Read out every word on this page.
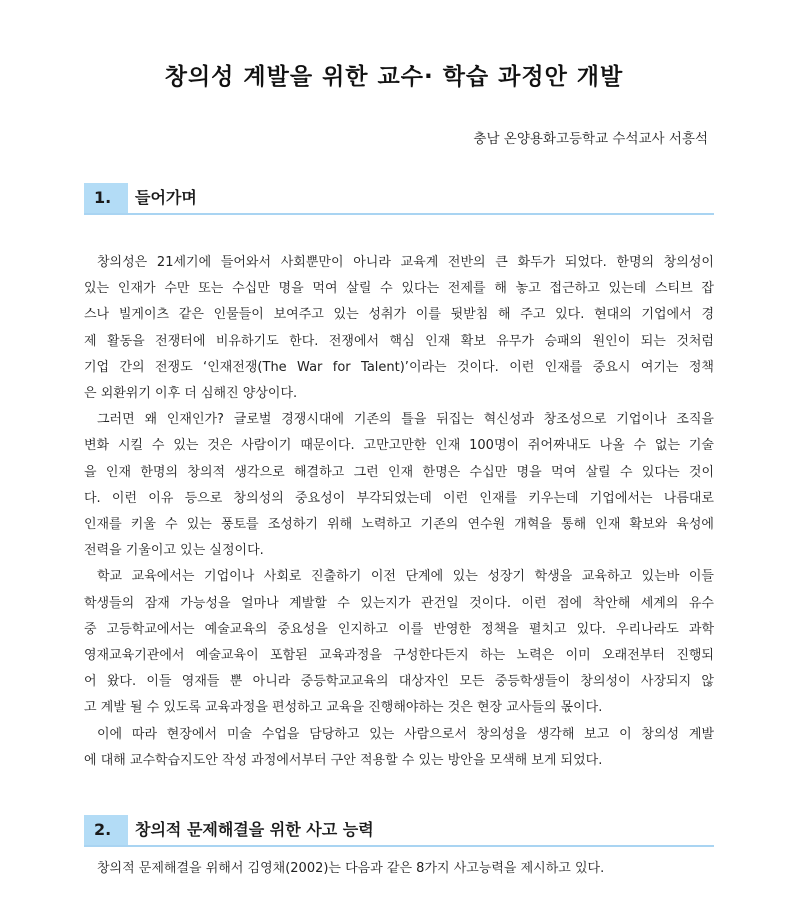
창의성 계발을 위한 교수· 학습 과정안 개발
충남 온양용화고등학교 수석교사 서흥석
1.	들어가며
창의성은 21세기에 들어와서 사회뿐만이 아니라 교육계 전반의 큰 화두가 되었다. 한명의 창의성이
있는 인재가 수만 또는 수십만 명을 먹여 살릴 수 있다는 전제를 해 놓고 접근하고 있는데 스티브 잡
스나 빌게이츠 같은 인물들이 보여주고 있는 성취가 이를 뒷받침 해 주고 있다. 현대의 기업에서 경
제 활동을 전쟁터에 비유하기도 한다. 전쟁에서 핵심 인재 확보 유무가 승패의 원인이 되는 것처럼
기업 간의 전쟁도 ‘인재전쟁(The War for Talent)’이라는 것이다. 이런 인재를 중요시 여기는 정책
은 외환위기 이후 더 심해진 양상이다.
그러면 왜 인재인가? 글로벌 경쟁시대에 기존의 틀을 뒤집는 혁신성과 창조성으로 기업이나 조직을
변화 시킬 수 있는 것은 사람이기 때문이다. 고만고만한 인재 100명이 쥐어짜내도 나올 수 없는 기술
을 인재 한명의 창의적 생각으로 해결하고 그런 인재 한명은 수십만 명을 먹여 살릴 수 있다는 것이
다. 이런 이유 등으로 창의성의 중요성이 부각되었는데 이런 인재를 키우는데 기업에서는 나름대로
인재를 키울 수 있는 풍토를 조성하기 위해 노력하고 기존의 연수원 개혁을 통해 인재 확보와 육성에
전력을 기울이고 있는 실정이다.
학교 교육에서는 기업이나 사회로 진출하기 이전 단계에 있는 성장기 학생을 교육하고 있는바 이들
학생들의 잠재 가능성을 얼마나 계발할 수 있는지가 관건일 것이다. 이런 점에 착안해 세계의 유수
중 고등학교에서는 예술교육의 중요성을 인지하고 이를 반영한 정책을 펼치고 있다. 우리나라도 과학
영재교육기관에서 예술교육이 포함된 교육과정을 구성한다든지 하는 노력은 이미 오래전부터 진행되
어 왔다. 이들 영재들 뿐 아니라 중등학교교육의 대상자인 모든 중등학생들이 창의성이 사장되지 않
고 계발 될 수 있도록 교육과정을 편성하고 교육을 진행해야하는 것은 현장 교사들의 몫이다.
이에 따라 현장에서 미술 수업을 담당하고 있는 사람으로서 창의성을 생각해 보고 이 창의성 계발
에 대해 교수학습지도안 작성 과정에서부터 구안 적용할 수 있는 방안을 모색해 보게 되었다.
2.	창의적 문제해결을 위한 사고 능력
창의적 문제해결을 위해서 김영채(2002)는 다음과 같은 8가지 사고능력을 제시하고 있다.
